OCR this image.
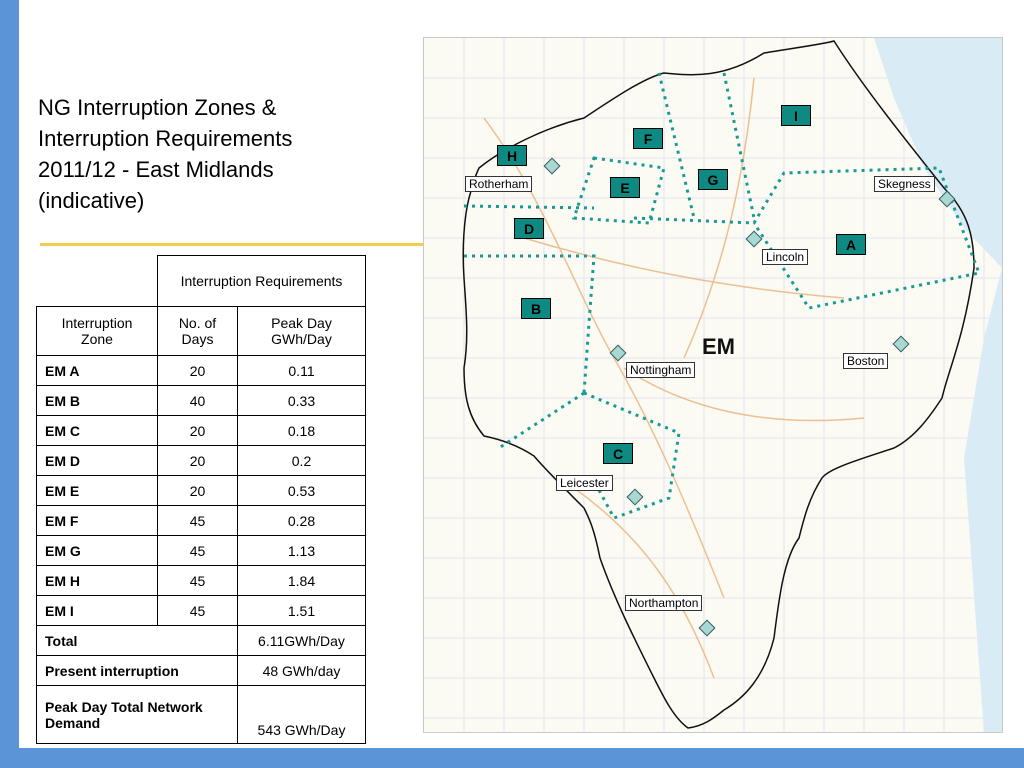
NG Interruption Zones &
Interruption Requirements
2011/12 - East Midlands
(indicative)
	Interruption Requirements	
Interruption Zone	No. of Days	Peak Day GWh/Day
EM A	20	0.11
EM B	40	0.33
EM C	20	0.18
EM D	20	0.2
EM E	20	0.53
EM F	45	0.28
EM G	45	1.13
EM H	45	1.84
EM I	45	1.51
Total		6.11GWh/Day
Present interruption		48 GWh/day
Peak Day Total Network Demand		543 GWh/Day
EM
I
F
H
G
E
D
A
B
C
Rotherham	Skegness
Lincoln
Boston
Nottingham
Leicester
Northampton
